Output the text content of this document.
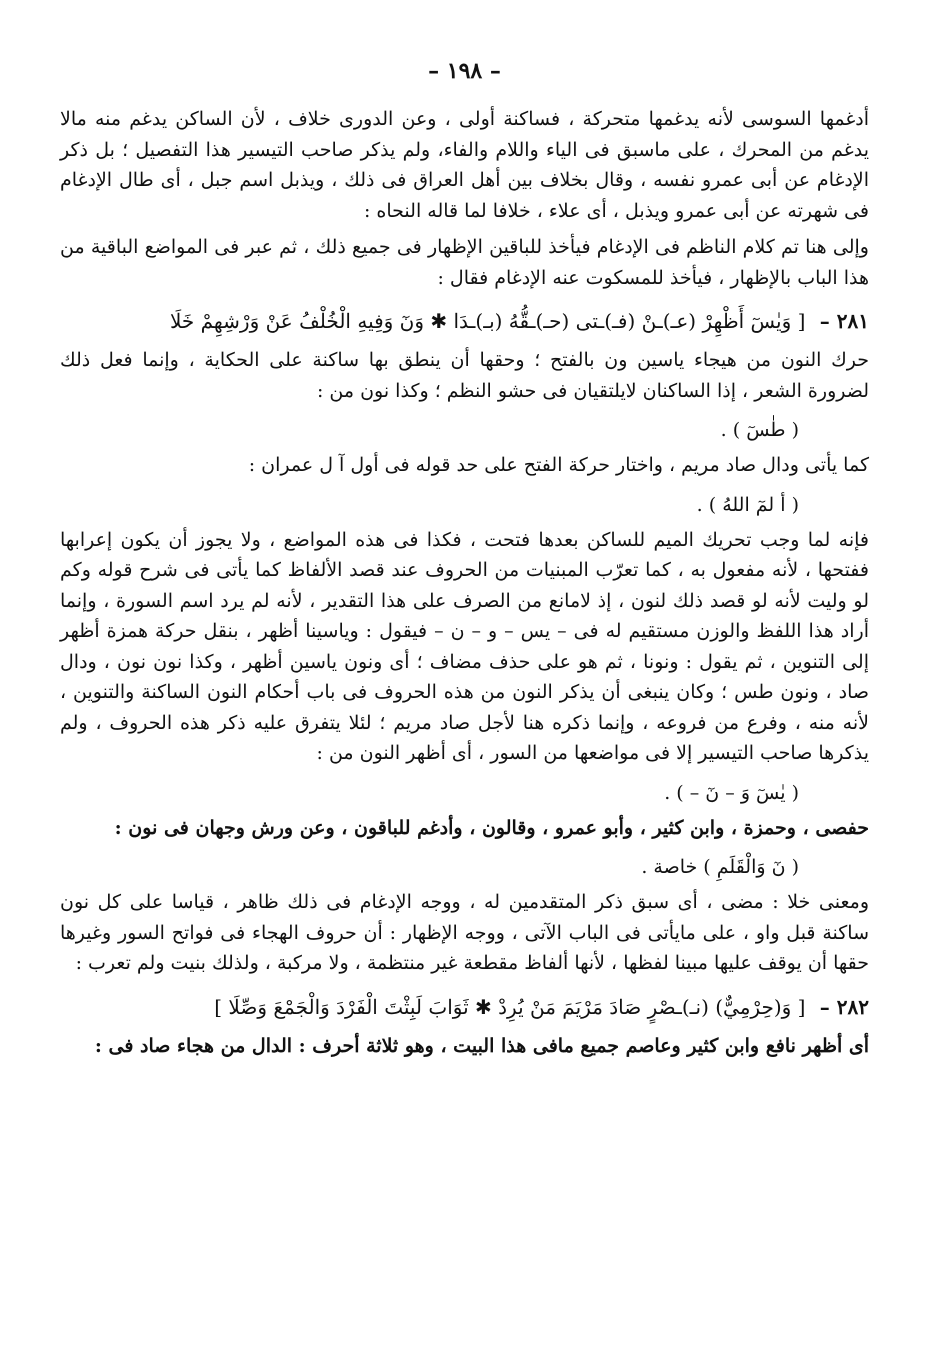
– ١٩٨ –

أدغمها السوسى لأنه يدغمها متحركة ، فساكنة أولى ، وعن الدورى خلاف ، لأن الساكن يدغم منه مالا يدغم من المحرك ، على ماسبق فى الياء واللام والفاء، ولم يذكر صاحب التيسير هذا التفصيل ؛ بل ذكر الإدغام عن أبى عمرو نفسه ، وقال بخلاف بين أهل العراق فى ذلك ، ويذبل اسم جبل ، أى طال الإدغام فى شهرته عن أبى عمرو ويذبل ، أى علاء ، خلافا لما قاله النحاه :

وإلى هنا تم كلام الناظم فى الإدغام فيأخذ للباقين الإظهار فى جميع ذلك ، ثم عبر فى المواضع الباقية من هذا الباب بالإظهار ، فيأخذ للمسكوت عنه الإدغام فقال :

٢٨١ – [ وَيٰسٓ أَظْهِرْ (عـ)ـنْ (فـ)ـتى (حـ)ـقُّهُ (بـ)ـدَا ✱ وَنٓ وَفِيهِ الْخُلْفُ عَنْ وَرْشِهِمْ خَلَا

حرك النون من هيجاء ياسين ون بالفتح ؛ وحقها أن ينطق بها ساكنة على الحكاية ، وإنما فعل ذلك لضرورة الشعر ، إذا الساكنان لايلتقيان فى حشو النظم ؛ وكذا نون من :

( طٰسٓ ) .

كما يأتى ودال صاد مريم ، واختار حركة الفتح على حد قوله فى أول آ ل عمران :

( أ لمٓ اللهُ ) .

فإنه لما وجب تحريك الميم للساكن بعدها فتحت ، فكذا فى هذه المواضع ، ولا يجوز أن يكون إعرابها ففتحها ، لأنه مفعول به ، كما تعرّب المبنيات من الحروف عند قصد الألفاظ كما يأتى فى شرح قوله وكم لو وليت لأنه لو قصد ذلك لنون ، إذ لامانع من الصرف على هذا التقدير ، لأنه لم يرد اسم السورة ، وإنما أراد هذا اللفظ والوزن مستقيم له فى – يس – و – ن – فيقول : وياسينا أظهر ، بنقل حركة همزة أظهر إلى التنوين ، ثم يقول : ونونا ، ثم هو على حذف مضاف ؛ أى ونون ياسين أظهر ، وكذا نون نون ، ودال صاد ، ونون طس ؛ وكان ينبغى أن يذكر النون من هذه الحروف فى باب أحكام النون الساكنة والتنوين ، لأنه منه ، وفرع من فروعه ، وإنما ذكره هنا لأجل صاد مريم ؛ لئلا يتفرق عليه ذكر هذه الحروف ، ولم يذكرها صاحب التيسير إلا فى مواضعها من السور ، أى أظهر النون من :

( يٰسٓ وَ – نٓ – ) .

حفصى ، وحمزة ، وابن كثير ، وأبو عمرو ، وقالون ، وأدغم للباقون ، وعن ورش وجهان فى نون :

( نٓ وَالْقَلَمِ ) خاصة .

ومعنى خلا : مضى ، أى سبق ذكر المتقدمين له ، ووجه الإدغام فى ذلك ظاهر ، قياسا على كل نون ساكنة قبل واو ، على مايأتى فى الباب الآتى ، ووجه الإظهار : أن حروف الهجاء فى فواتح السور وغيرها حقها أن يوقف عليها مبينا لفظها ، لأنها ألفاظ مقطعة غير منتظمة ، ولا مركبة ، ولذلك بنيت ولم تعرب :

٢٨٢ – [ وَ(حِرْمِيٌّ) (نـ)ـصْرٍ صَادَ مَرْيَمَ مَنْ يُرِدْ ✱ ثَوَابَ لَبِثْتَ الْفَرْدَ وَالْجَمْعَ وَصِّلَا ]

أى أظهر نافع وابن كثير وعاصم جميع مافى هذا البيت ، وهو ثلاثة أحرف : الدال من هجاء صاد فى :
